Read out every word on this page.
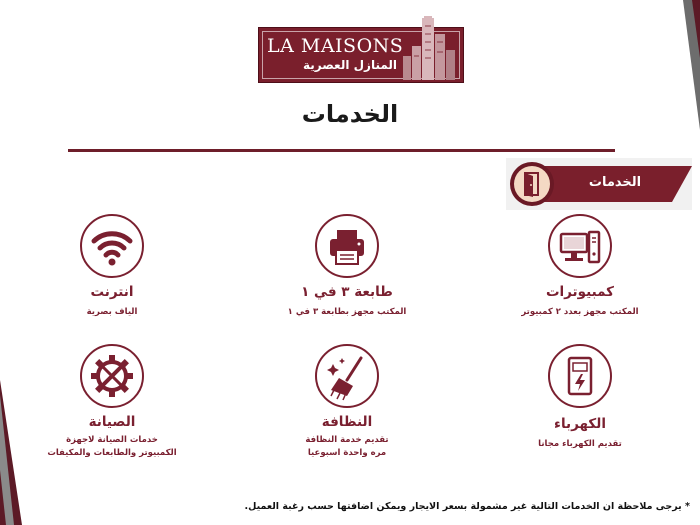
LA MAISONS
المنازل العصرية
الخدمات
الخدمات
انترنت
الياف بصرية
طابعة ٣ في ١
المكتب مجهز بطابعة ٣ في ١
كمبيوترات
المكتب مجهز بعدد ٢ كمبيوتر
الصيانة
خدمات الصيانة لاجهزة
الكمبيوتر والطابعات والمكيفات
النظافة
تقديم خدمة النظافة
مره واحدة اسبوعيا
الكهرباء
تقديم الكهرباء مجانا
* يرجى ملاحظة ان الخدمات التالية غير مشمولة بسعر الايجار ويمكن اضافتها حسب رغبة العميل.
